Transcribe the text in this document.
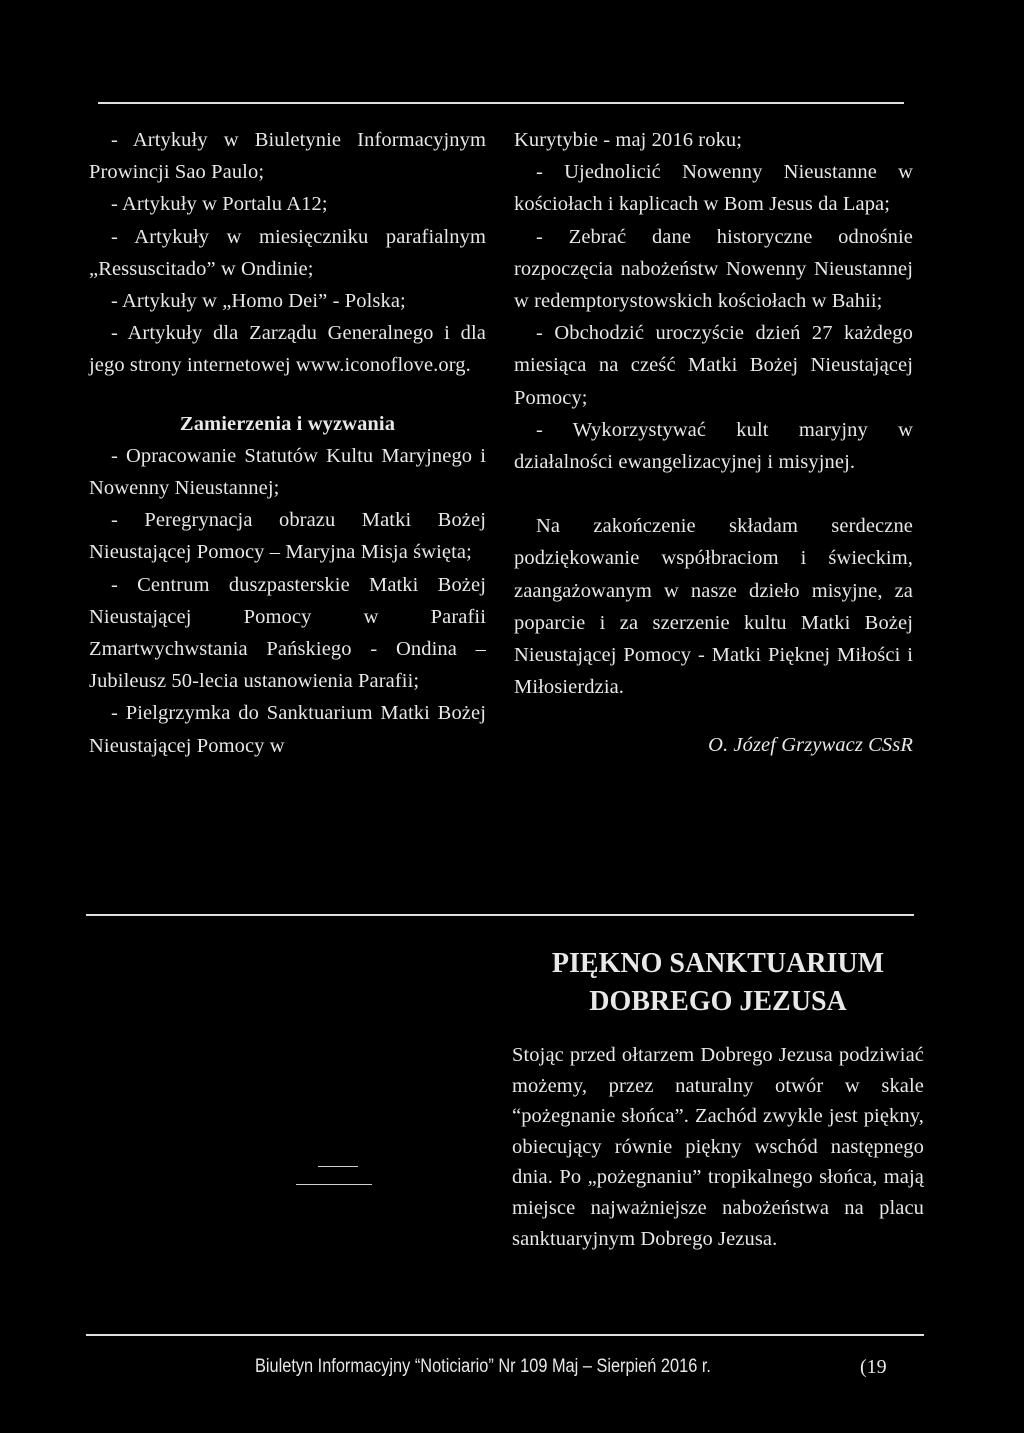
- Artykuły w Biuletynie Informacyjnym Prowincji Sao Paulo;

- Artykuły w Portalu A12;

- Artykuły w miesięczniku parafialnym „Ressuscitado” w Ondinie;

- Artykuły w „Homo Dei” - Polska;

- Artykuły dla Zarządu Generalnego i dla jego strony internetowej www.iconoflove.org.

Zamierzenia i wyzwania

- Opracowanie Statutów Kultu Maryjnego i Nowenny Nieustannej;

- Peregrynacja obrazu Matki Bożej Nieustającej Pomocy – Maryjna Misja święta;

- Centrum duszpasterskie Matki Bożej Nieustającej Pomocy w Parafii Zmartwychwstania Pańskiego - Ondina – Jubileusz 50-lecia ustanowienia Parafii;

- Pielgrzymka do Sanktuarium Matki Bożej Nieustającej Pomocy w

Kurytybie - maj 2016 roku;

- Ujednolicić Nowenny Nieustanne w kościołach i kaplicach w Bom Jesus da Lapa;

- Zebrać dane historyczne odnośnie rozpoczęcia nabożeństw Nowenny Nieustannej w redemptorystowskich kościołach w Bahii;

- Obchodzić uroczyście dzień 27 każdego miesiąca na cześć Matki Bożej Nieustającej Pomocy;

- Wykorzystywać kult maryjny w działalności ewangelizacyjnej i misyjnej.

Na zakończenie składam serdeczne podziękowanie współbraciom i świeckim, zaangażowanym w nasze dzieło misyjne, za poparcie i za szerzenie kultu Matki Bożej Nieustającej Pomocy - Matki Pięknej Miłości i Miłosierdzia.

O. Józef Grzywacz CSsR

PIĘKNO SANKTUARIUM
DOBREGO JEZUSA

Stojąc przed ołtarzem Dobrego Jezusa podziwiać możemy, przez naturalny otwór w skale “pożegnanie słońca”. Zachód zwykle jest piękny, obiecujący równie piękny wschód następnego dnia. Po „pożegnaniu” tropikalnego słońca, mają miejsce najważniejsze nabożeństwa na placu sanktuaryjnym Dobrego Jezusa.

Biuletyn Informacyjny “Noticiario” Nr 109 Maj – Sierpień 2016 r.	(19
